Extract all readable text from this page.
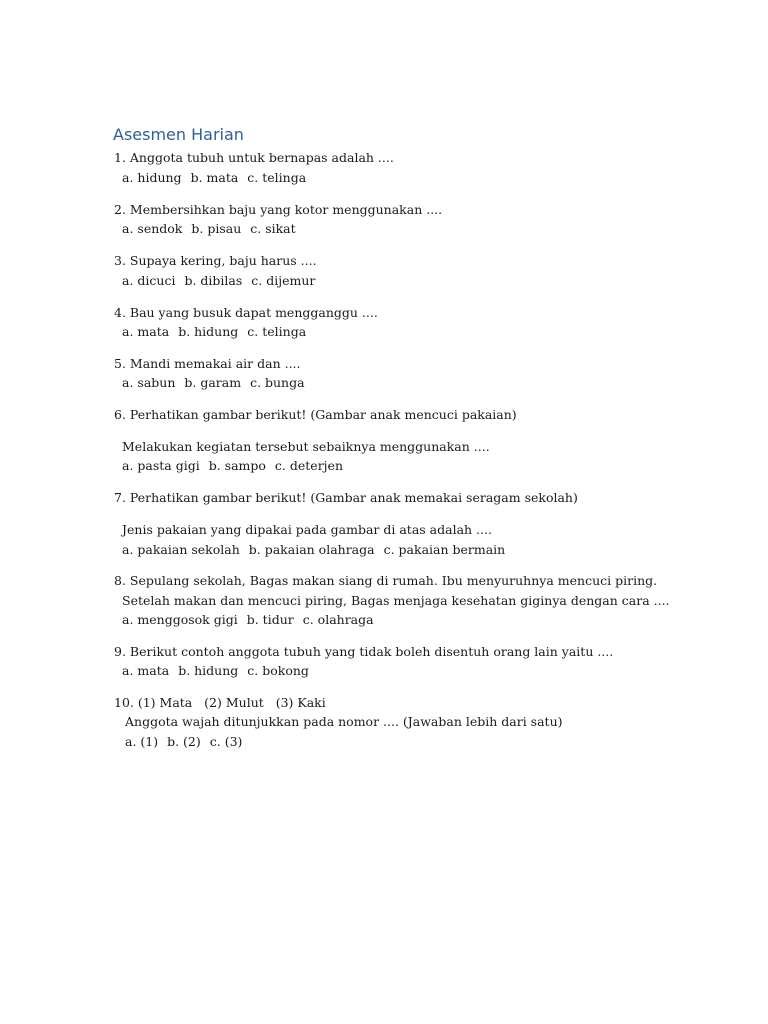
Asesmen Harian
1. Anggota tubuh untuk bernapas adalah ....
a. hidung b. mata c. telinga
2. Membersihkan baju yang kotor menggunakan ....
a. sendok b. pisau c. sikat
3. Supaya kering, baju harus ....
a. dicuci b. dibilas c. dijemur
4. Bau yang busuk dapat mengganggu ....
a. mata b. hidung c. telinga
5. Mandi memakai air dan ....
a. sabun b. garam c. bunga
6. Perhatikan gambar berikut! (Gambar anak mencuci pakaian)
Melakukan kegiatan tersebut sebaiknya menggunakan ....
a. pasta gigi b. sampo c. deterjen
7. Perhatikan gambar berikut! (Gambar anak memakai seragam sekolah)
Jenis pakaian yang dipakai pada gambar di atas adalah ....
a. pakaian sekolah b. pakaian olahraga c. pakaian bermain
8. Sepulang sekolah, Bagas makan siang di rumah. Ibu menyuruhnya mencuci piring.
Setelah makan dan mencuci piring, Bagas menjaga kesehatan giginya dengan cara ....
a. menggosok gigi b. tidur c. olahraga
9. Berikut contoh anggota tubuh yang tidak boleh disentuh orang lain yaitu ....
a. mata b. hidung c. bokong
10. (1) Mata   (2) Mulut   (3) Kaki
Anggota wajah ditunjukkan pada nomor .... (Jawaban lebih dari satu)
a. (1) b. (2) c. (3)
